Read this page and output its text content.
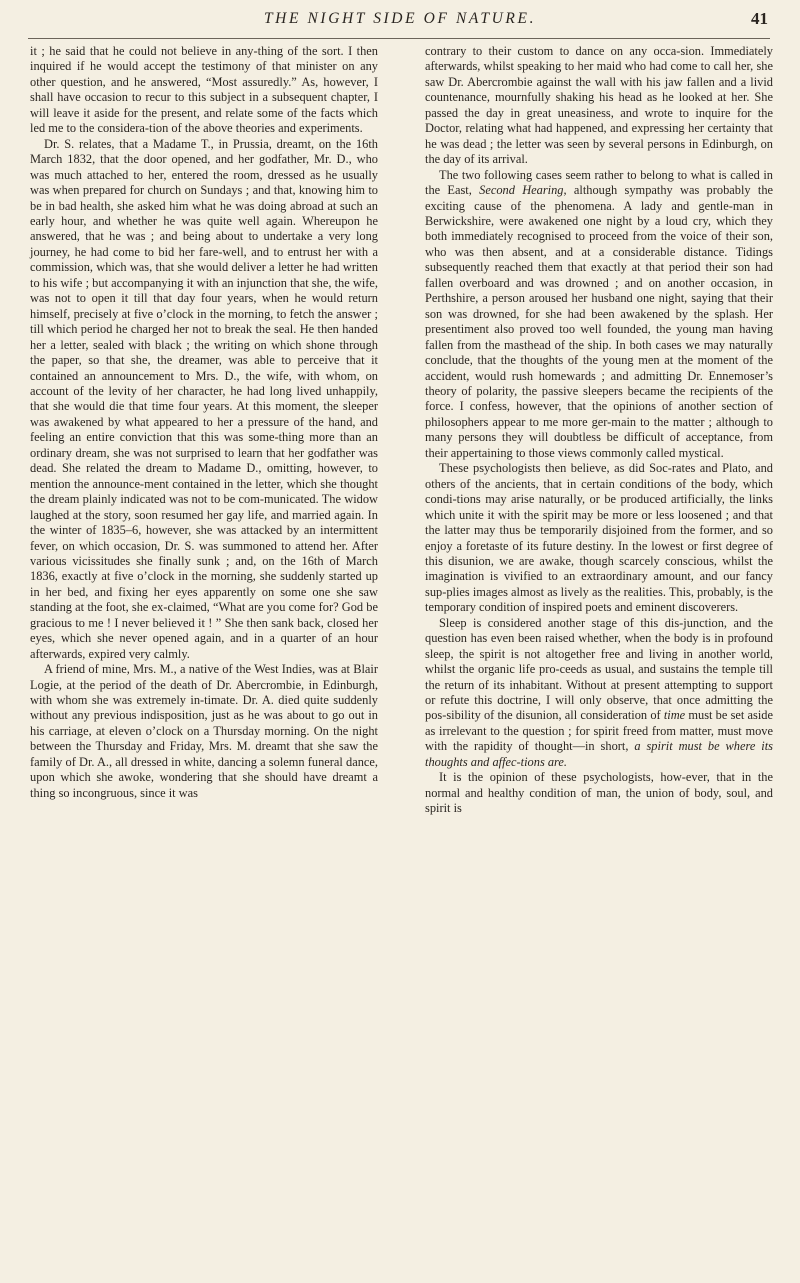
THE NIGHT SIDE OF NATURE.	41

it ; he said that he could not believe in any-thing of the sort. I then inquired if he would accept the testimony of that minister on any other question, and he answered, “Most assuredly.” As, however, I shall have occasion to recur to this subject in a subsequent chapter, I will leave it aside for the present, and relate some of the facts which led me to the considera-tion of the above theories and experiments.

Dr. S. relates, that a Madame T., in Prussia, dreamt, on the 16th March 1832, that the door opened, and her godfather, Mr. D., who was much attached to her, entered the room, dressed as he usually was when prepared for church on Sundays ; and that, knowing him to be in bad health, she asked him what he was doing abroad at such an early hour, and whether he was quite well again. Whereupon he answered, that he was ; and being about to undertake a very long journey, he had come to bid her fare-well, and to entrust her with a commission, which was, that she would deliver a letter he had written to his wife ; but accompanying it with an injunction that she, the wife, was not to open it till that day four years, when he would return himself, precisely at five o’clock in the morning, to fetch the answer ; till which period he charged her not to break the seal. He then handed her a letter, sealed with black ; the writing on which shone through the paper, so that she, the dreamer, was able to perceive that it contained an announcement to Mrs. D., the wife, with whom, on account of the levity of her character, he had long lived unhappily, that she would die that time four years. At this moment, the sleeper was awakened by what appeared to her a pressure of the hand, and feeling an entire conviction that this was some-thing more than an ordinary dream, she was not surprised to learn that her godfather was dead. She related the dream to Madame D., omitting, however, to mention the announce-ment contained in the letter, which she thought the dream plainly indicated was not to be com-municated. The widow laughed at the story, soon resumed her gay life, and married again. In the winter of 1835–6, however, she was attacked by an intermittent fever, on which occasion, Dr. S. was summoned to attend her. After various vicissitudes she finally sunk ; and, on the 16th of March 1836, exactly at five o’clock in the morning, she suddenly started up in her bed, and fixing her eyes apparently on some one she saw standing at the foot, she ex-claimed, “What are you come for? God be gracious to me ! I never believed it ! ” She then sank back, closed her eyes, which she never opened again, and in a quarter of an hour afterwards, expired very calmly.

A friend of mine, Mrs. M., a native of the West Indies, was at Blair Logie, at the period of the death of Dr. Abercrombie, in Edinburgh, with whom she was extremely in-timate. Dr. A. died quite suddenly without any previous indisposition, just as he was about to go out in his carriage, at eleven o’clock on a Thursday morning. On the night between the Thursday and Friday, Mrs. M. dreamt that she saw the family of Dr. A., all dressed in white, dancing a solemn funeral dance, upon which she awoke, wondering that she should have dreamt a thing so incongruous, since it was

contrary to their custom to dance on any occa-sion. Immediately afterwards, whilst speaking to her maid who had come to call her, she saw Dr. Abercrombie against the wall with his jaw fallen and a livid countenance, mournfully shaking his head as he looked at her. She passed the day in great uneasiness, and wrote to inquire for the Doctor, relating what had happened, and expressing her certainty that he was dead ; the letter was seen by several persons in Edinburgh, on the day of its arrival.

The two following cases seem rather to belong to what is called in the East, Second Hearing, although sympathy was probably the exciting cause of the phenomena. A lady and gentle-man in Berwickshire, were awakened one night by a loud cry, which they both immediately recognised to proceed from the voice of their son, who was then absent, and at a considerable distance. Tidings subsequently reached them that exactly at that period their son had fallen overboard and was drowned ; and on another occasion, in Perthshire, a person aroused her husband one night, saying that their son was drowned, for she had been awakened by the splash. Her presentiment also proved too well founded, the young man having fallen from the masthead of the ship. In both cases we may naturally conclude, that the thoughts of the young men at the moment of the accident, would rush homewards ; and admitting Dr. Ennemoser’s theory of polarity, the passive sleepers became the recipients of the force. I confess, however, that the opinions of another section of philosophers appear to me more ger-main to the matter ; although to many persons they will doubtless be difficult of acceptance, from their appertaining to those views commonly called mystical.

These psychologists then believe, as did Soc-rates and Plato, and others of the ancients, that in certain conditions of the body, which condi-tions may arise naturally, or be produced artificially, the links which unite it with the spirit may be more or less loosened ; and that the latter may thus be temporarily disjoined from the former, and so enjoy a foretaste of its future destiny. In the lowest or first degree of this disunion, we are awake, though scarcely conscious, whilst the imagination is vivified to an extraordinary amount, and our fancy sup-plies images almost as lively as the realities. This, probably, is the temporary condition of inspired poets and eminent discoverers.

Sleep is considered another stage of this dis-junction, and the question has even been raised whether, when the body is in profound sleep, the spirit is not altogether free and living in another world, whilst the organic life pro-ceeds as usual, and sustains the temple till the return of its inhabitant. Without at present attempting to support or refute this doctrine, I will only observe, that once admitting the pos-sibility of the disunion, all consideration of time must be set aside as irrelevant to the question ; for spirit freed from matter, must move with the rapidity of thought—in short, a spirit must be where its thoughts and affec-tions are.

It is the opinion of these psychologists, how-ever, that in the normal and healthy condition of man, the union of body, soul, and spirit is
